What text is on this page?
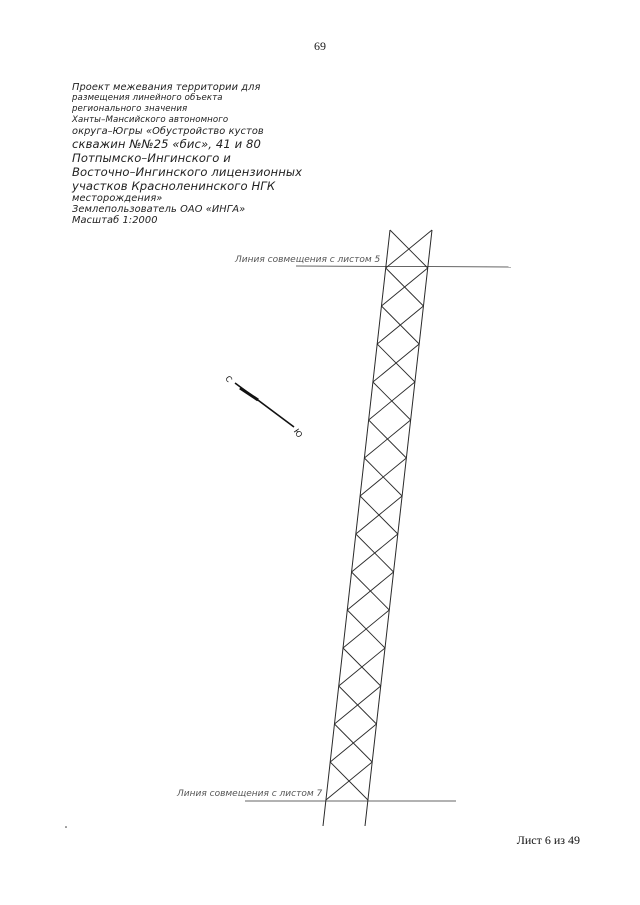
69
Проект межевания территории для
размещения линейного объекта
регионального значения
Ханты–Мансийского автономного
округа–Югры «Обустройство кустов
скважин №№25 «бис», 41 и 80
Потпымско–Ингинского и
Восточно–Ингинского лицензионных
участков Красноленинского НГК
месторождения»
Землепользователь ОАО «ИНГА»
Масштаб 1:2000
Линия совмещения с листом 5
Линия совмещения с листом 7
С
Ю
Лист 6 из 49
